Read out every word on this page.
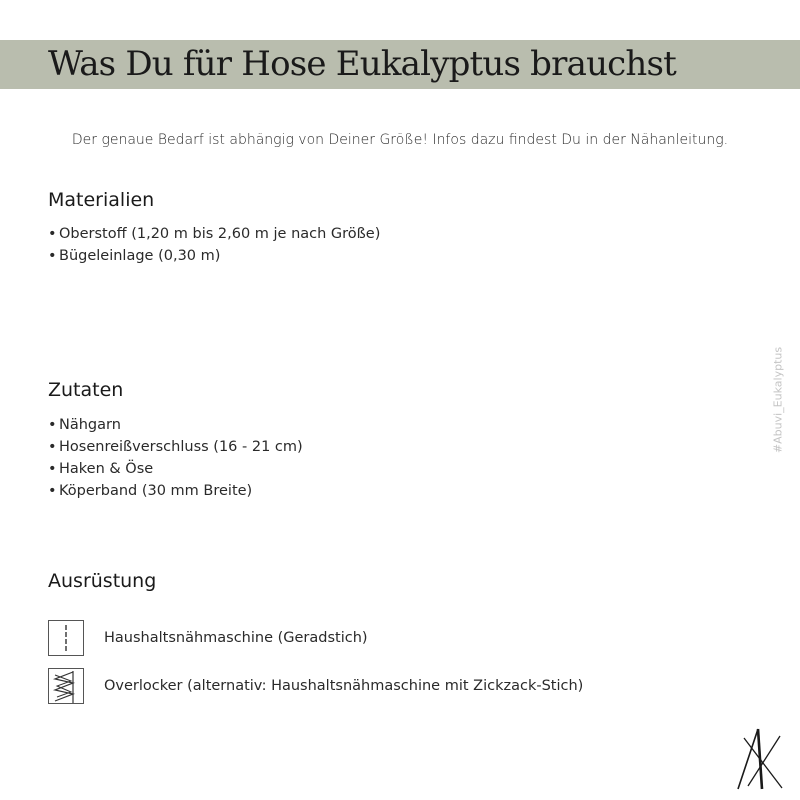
Was Du für Hose Eukalyptus brauchst

Der genaue Bedarf ist abhängig von Deiner Größe! Infos dazu findest Du in der Nähanleitung.

Materialien
• Oberstoff (1,20 m bis 2,60 m je nach Größe)
• Bügeleinlage (0,30 m)
Zutaten
• Nähgarn
• Hosenreißverschluss (16 - 21 cm)
• Haken & Öse
• Köperband (30 mm Breite)
Ausrüstung
Haushaltsnähmaschine (Geradstich)
Overlocker (alternativ: Haushaltsnähmaschine mit Zickzack-Stich)
#Abuvi_Eukalyptus
